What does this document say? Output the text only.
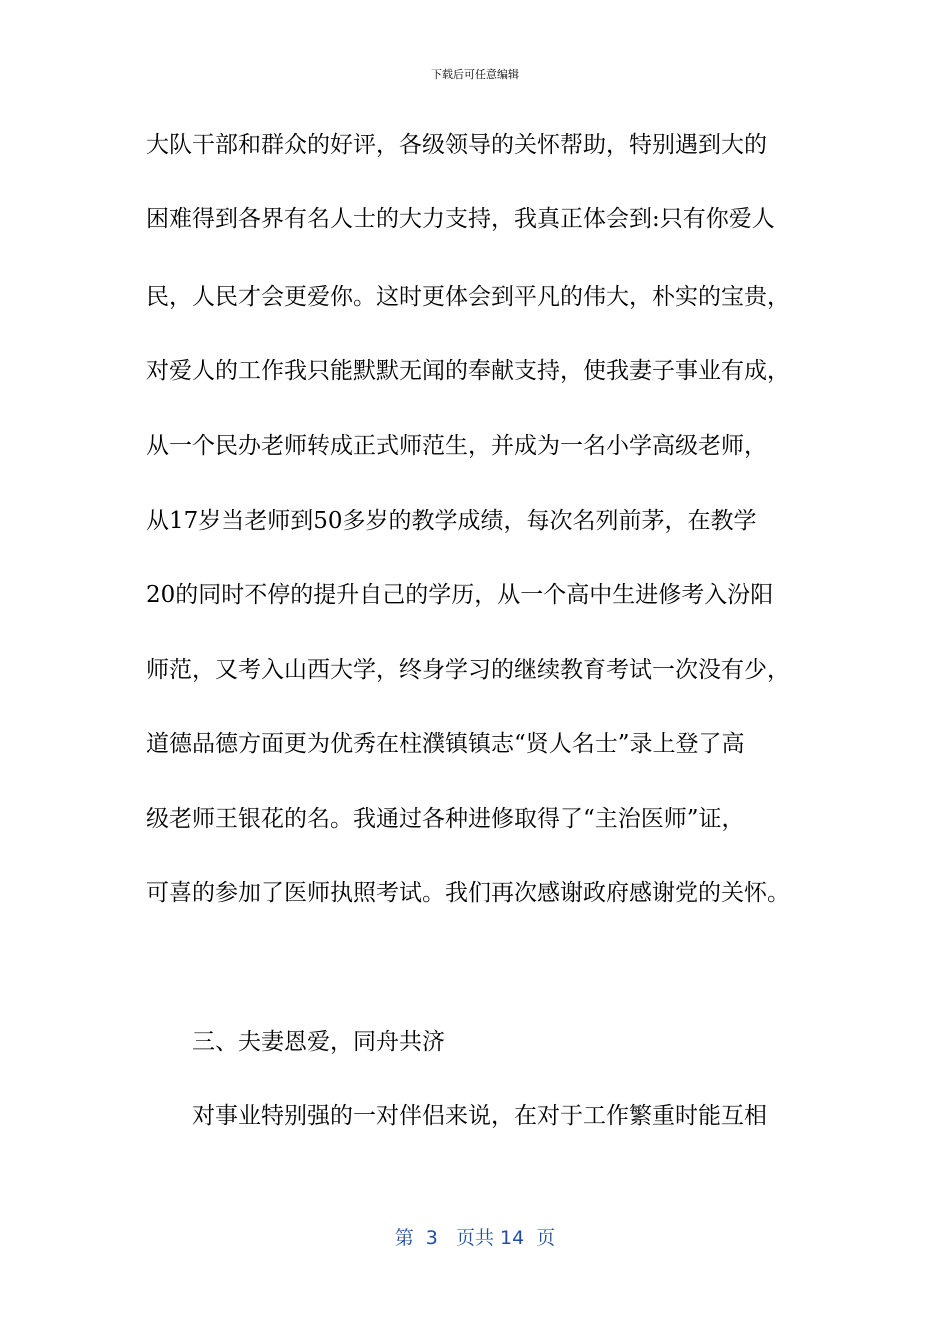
下载后可任意编辑
大队干部和群众的好评，各级领导的关怀帮助，特别遇到大的
困难得到各界有名人士的大力支持，我真正体会到:只有你爱人
民，人民才会更爱你。这时更体会到平凡的伟大，朴实的宝贵，
对爱人的工作我只能默默无闻的奉献支持，使我妻子事业有成，
从一个民办老师转成正式师范生，并成为一名小学高级老师，
从17岁当老师到50多岁的教学成绩，每次名列前茅，在教学
20的同时不停的提升自己的学历，从一个高中生进修考入汾阳
师范，又考入山西大学，终身学习的继续教育考试一次没有少，
道德品德方面更为优秀在柱濮镇镇志“贤人名士”录上登了高
级老师王银花的名。我通过各种进修取得了“主治医师”证，
可喜的参加了医师执照考试。我们再次感谢政府感谢党的关怀。
三、夫妻恩爱，同舟共济
对事业特别强的一对伴侣来说，在对于工作繁重时能互相
第  3   页共 14  页
